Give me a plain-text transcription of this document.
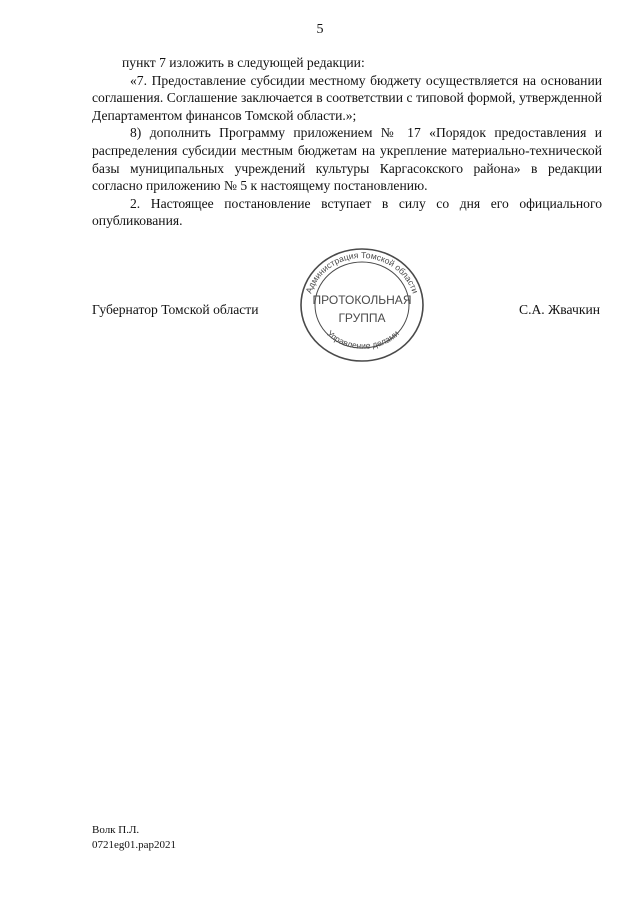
5

пункт 7 изложить в следующей редакции:

«7. Предоставление субсидии местному бюджету осуществляется на основании соглашения. Соглашение заключается в соответствии с типовой формой, утвержденной Департаментом финансов Томской области.»;

8) дополнить Программу приложением № 17 «Порядок предоставления и распределения субсидии местным бюджетам на укрепление материально-технической базы муниципальных учреждений культуры Каргасокского района» в редакции согласно приложению № 5 к настоящему постановлению.

2. Настоящее постановление вступает в силу со дня его официального опубликования.

Губернатор Томской области	С.А. Жвачкин
Администрация Томской области
Управление делами
ПРОТОКОЛЬНАЯ
ГРУППА
Волк П.Л.
0721eg01.pap2021
